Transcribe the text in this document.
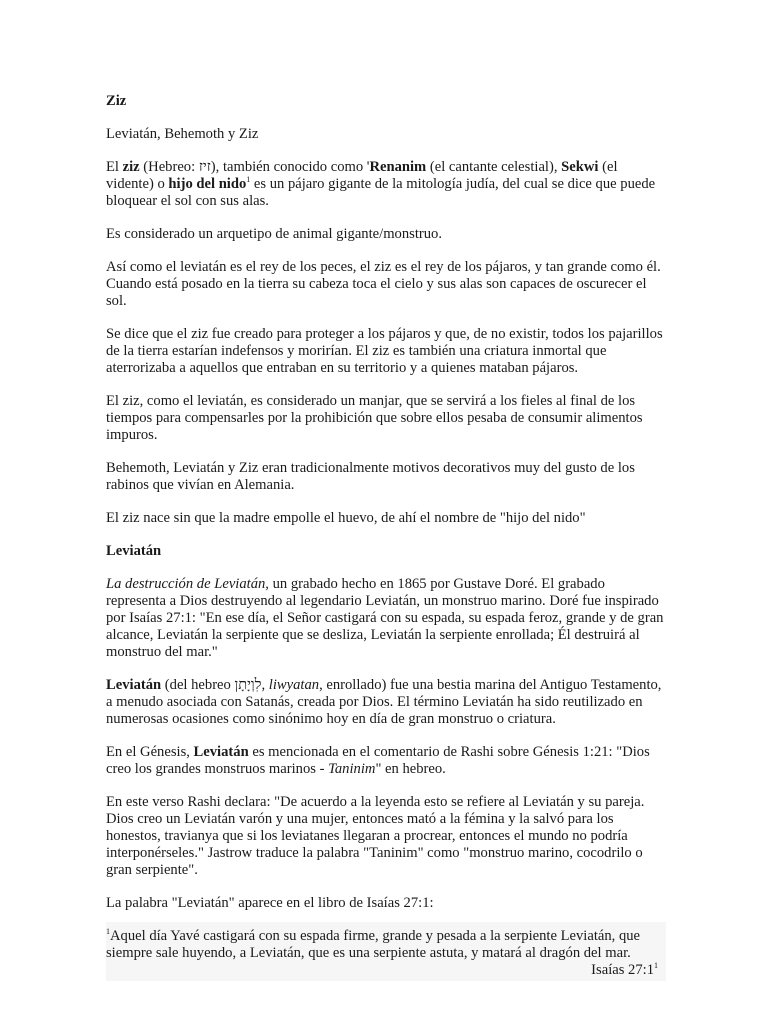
Ziz

Leviatán, Behemoth y Ziz

El ziz (Hebreo: זיז), también conocido como 'Renanim (el cantante celestial), Sekwi (el vidente) o hijo del nido$^1$ es un pájaro gigante de la mitología judía, del cual se dice que puede bloquear el sol con sus alas.

Es considerado un arquetipo de animal gigante/monstruo.

Así como el leviatán es el rey de los peces, el ziz es el rey de los pájaros, y tan grande como él. Cuando está posado en la tierra su cabeza toca el cielo y sus alas son capaces de oscurecer el sol.

Se dice que el ziz fue creado para proteger a los pájaros y que, de no existir, todos los pajarillos de la tierra estarían indefensos y morirían. El ziz es también una criatura inmortal que aterrorizaba a aquellos que entraban en su territorio y a quienes mataban pájaros.

El ziz, como el leviatán, es considerado un manjar, que se servirá a los fieles al final de los tiempos para compensarles por la prohibición que sobre ellos pesaba de consumir alimentos impuros.

Behemoth, Leviatán y Ziz eran tradicionalmente motivos decorativos muy del gusto de los rabinos que vivían en Alemania.

El ziz nace sin que la madre empolle el huevo, de ahí el nombre de "hijo del nido"

Leviatán

La destrucción de Leviatán, un grabado hecho en 1865 por Gustave Doré. El grabado representa a Dios destruyendo al legendario Leviatán, un monstruo marino. Doré fue inspirado por Isaías 27:1: "En ese día, el Señor castigará con su espada, su espada feroz, grande y de gran alcance, Leviatán la serpiente que se desliza, Leviatán la serpiente enrollada; Él destruirá al monstruo del mar."

Leviatán (del hebreo לִוְיָתָן, liwyatan, enrollado) fue una bestia marina del Antiguo Testamento, a menudo asociada con Satanás, creada por Dios. El término Leviatán ha sido reutilizado en numerosas ocasiones como sinónimo hoy en día de gran monstruo o criatura.

En el Génesis, Leviatán es mencionada en el comentario de Rashi sobre Génesis 1:21: "Dios creo los grandes monstruos marinos - Taninim" en hebreo.

En este verso Rashi declara: "De acuerdo a la leyenda esto se refiere al Leviatán y su pareja. Dios creo un Leviatán varón y una mujer, entonces mató a la fémina y la salvó para los honestos, travianya que si los leviatanes llegaran a procrear, entonces el mundo no podría interponérseles." Jastrow traduce la palabra "Taninim" como "monstruo marino, cocodrilo o gran serpiente".

La palabra "Leviatán" aparece en el libro de Isaías 27:1:

$^1$Aquel día Yavé castigará con su espada firme, grande y pesada a la serpiente Leviatán, que siempre sale huyendo, a Leviatán, que es una serpiente astuta, y matará al dragón del mar.

Isaías $27:1^1$
